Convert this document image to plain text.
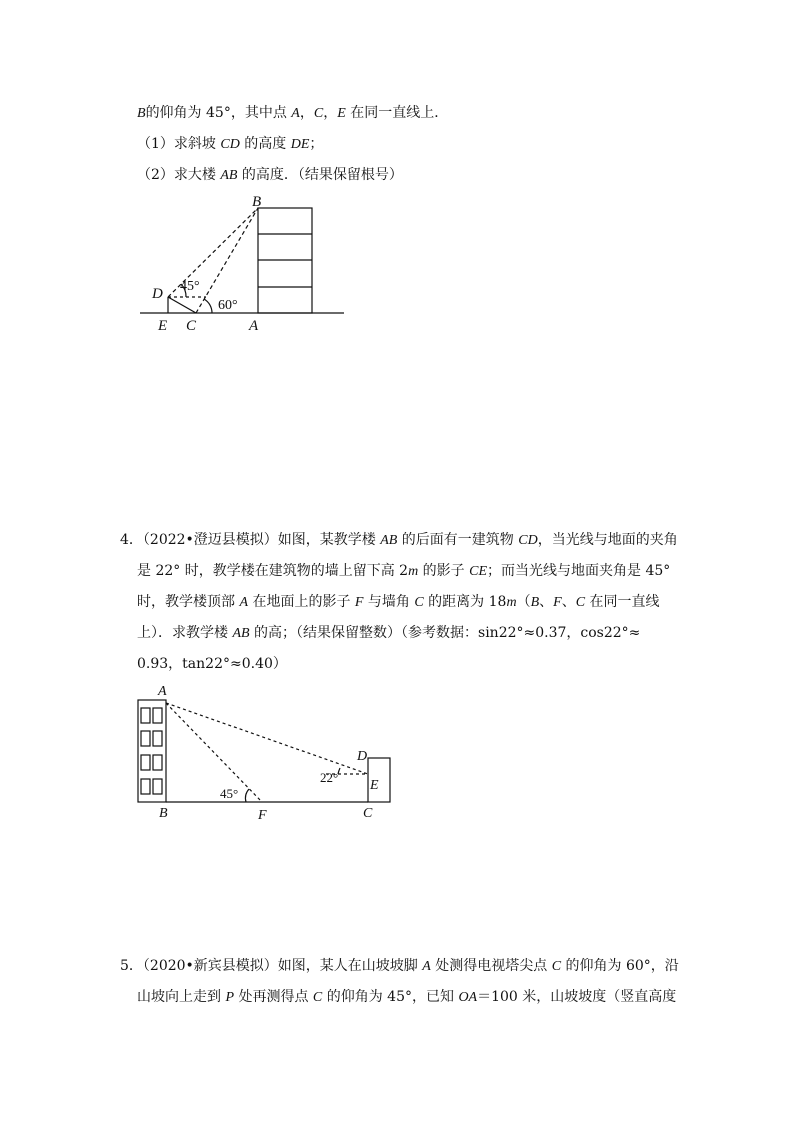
B的仰角为 45°，其中点 A，C，E 在同一直线上．
（1）求斜坡 CD 的高度 DE；
（2）求大楼 AB 的高度．（结果保留根号）
B
D
E C	A
45°
60°
4．（2022•澄迈县模拟）如图，某教学楼 AB 的后面有一建筑物 CD，当光线与地面的夹角
是 22° 时，教学楼在建筑物的墙上留下高 2m 的影子 CE；而当光线与地面夹角是 45°
时，教学楼顶部 A 在地面上的影子 F 与墙角 C 的距离为 18m（B、F、C 在同一直线
上）．求教学楼 AB 的高；（结果保留整数）（参考数据：sin22°≈0.37，cos22°≈
0.93，tan22°≈0.40）
A
B	F	C
D
E
45°
22°
5．（2020•新宾县模拟）如图，某人在山坡坡脚 A 处测得电视塔尖点 C 的仰角为 60°，沿
山坡向上走到 P 处再测得点 C 的仰角为 45°，已知 OA＝100 米，山坡坡度（竖直高度
